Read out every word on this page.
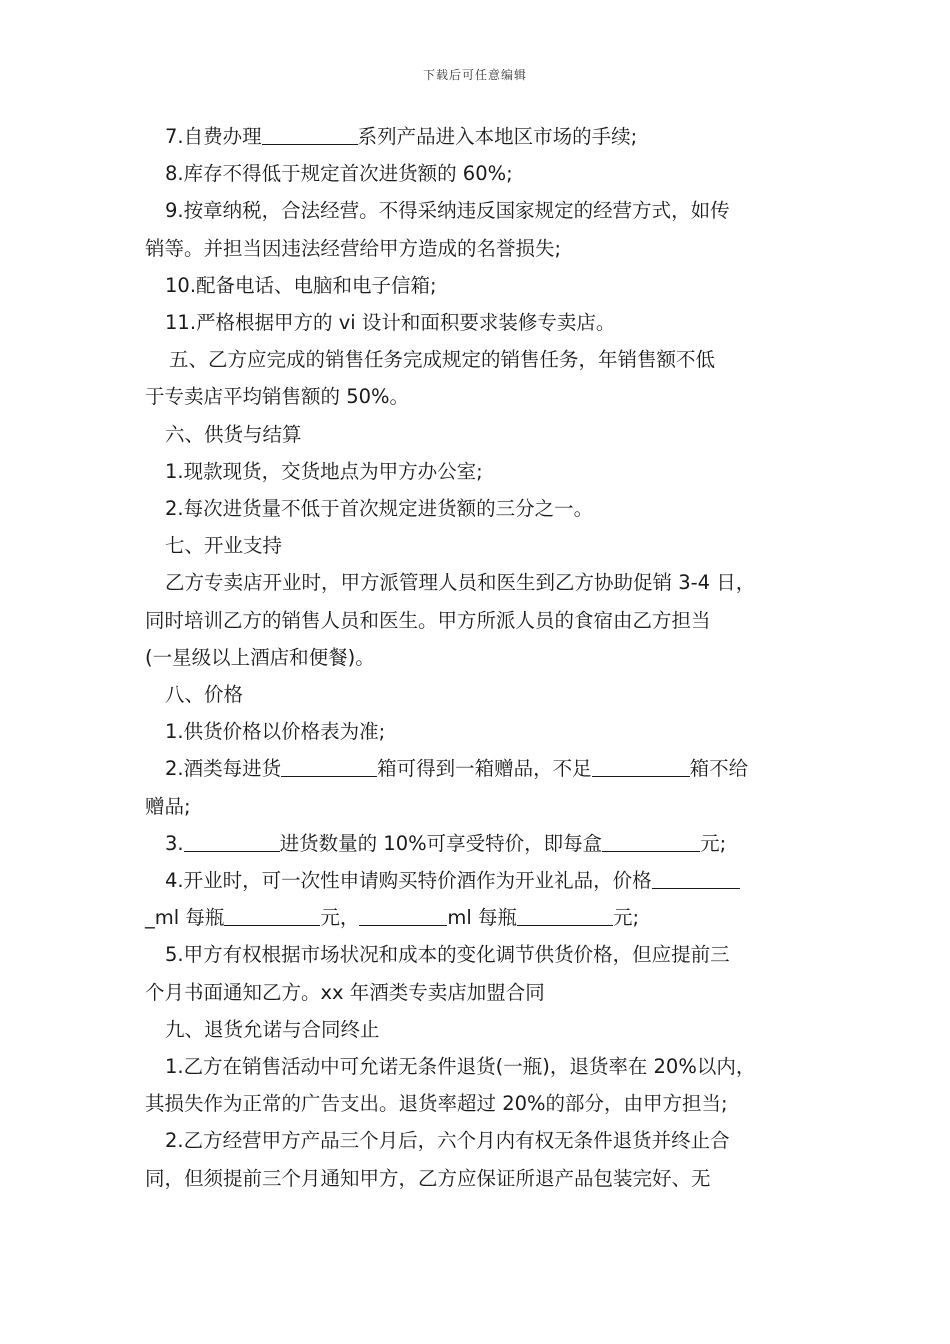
下载后可任意编辑

7.自费办理	系列产品进入本地区市场的手续;

8.库存不得低于规定首次进货额的 60%;

9.按章纳税，合法经营。不得采纳违反国家规定的经营方式，如传

销等。并担当因违法经营给甲方造成的名誉损失;

10.配备电话、电脑和电子信箱;

11.严格根据甲方的 vi 设计和面积要求装修专卖店。

五、乙方应完成的销售任务完成规定的销售任务，年销售额不低

于专卖店平均销售额的 50%。

六、供货与结算

1.现款现货，交货地点为甲方办公室;

2.每次进货量不低于首次规定进货额的三分之一。

七、开业支持

乙方专卖店开业时，甲方派管理人员和医生到乙方协助促销 3-4 日，

同时培训乙方的销售人员和医生。甲方所派人员的食宿由乙方担当

(一星级以上酒店和便餐)。

八、价格

1.供货价格以价格表为准;

2.酒类每进货	箱可得到一箱赠品，不足	箱不给

赠品;

3.	进货数量的 10%可享受特价，即每盒	元;

4.开业时，可一次性申请购买特价酒作为开业礼品，价格

_ml 每瓶	元，	ml 每瓶	元;

5.甲方有权根据市场状况和成本的变化调节供货价格，但应提前三

个月书面通知乙方。xx 年酒类专卖店加盟合同

九、退货允诺与合同终止

1.乙方在销售活动中可允诺无条件退货(一瓶)，退货率在 20%以内，

其损失作为正常的广告支出。退货率超过 20%的部分，由甲方担当;

2.乙方经营甲方产品三个月后，六个月内有权无条件退货并终止合

同，但须提前三个月通知甲方，乙方应保证所退产品包装完好、无
